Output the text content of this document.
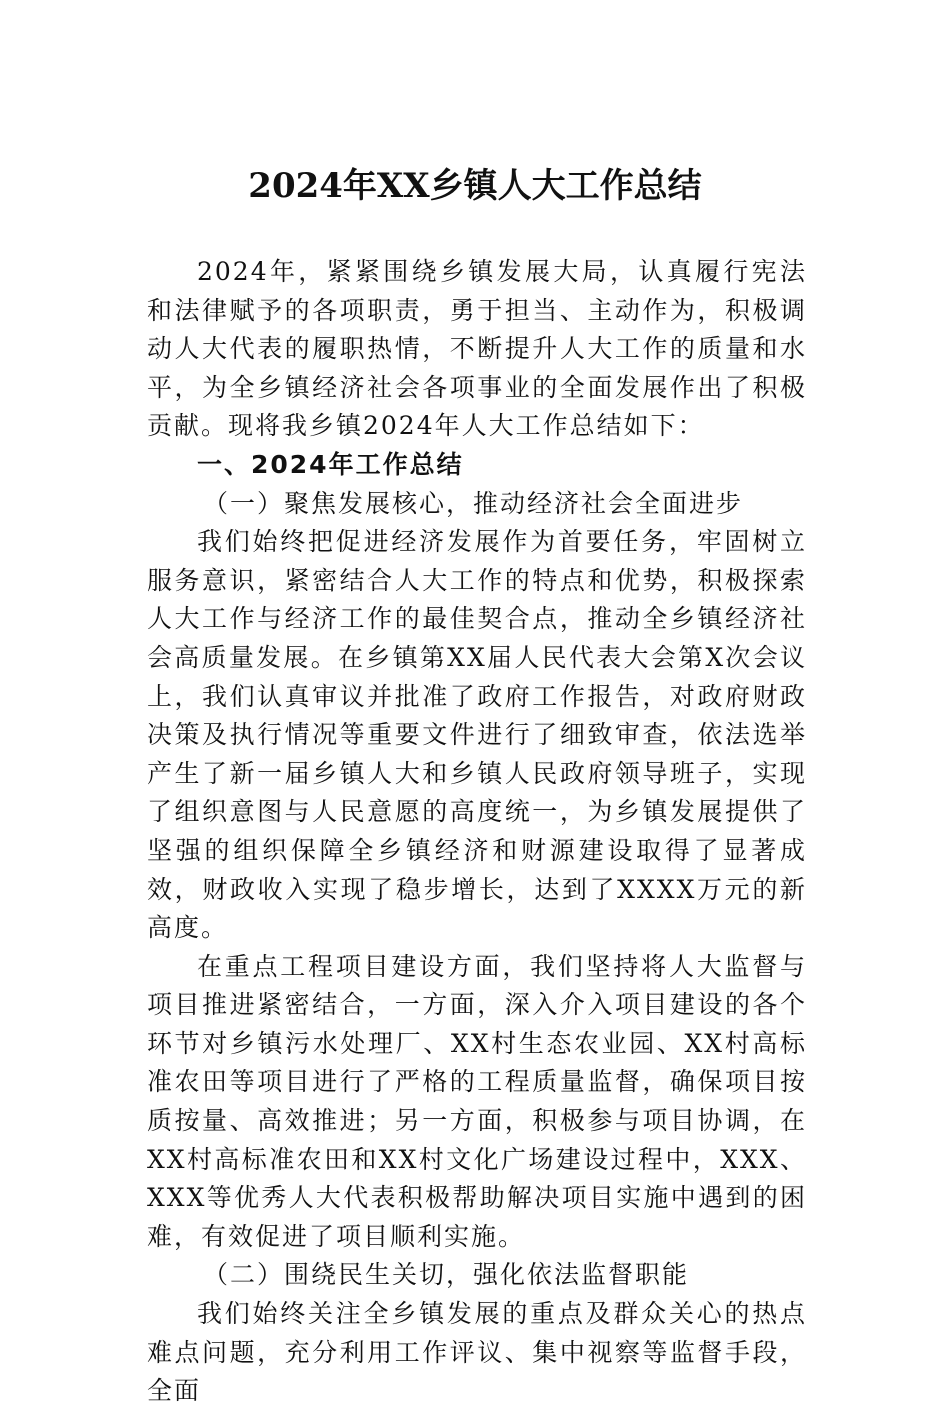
2024年XX乡镇人大工作总结

2024年，紧紧围绕乡镇发展大局，认真履行宪法和法律赋予的各项职责，勇于担当、主动作为，积极调动人大代表的履职热情，不断提升人大工作的质量和水平，为全乡镇经济社会各项事业的全面发展作出了积极贡献。现将我乡镇2024年人大工作总结如下：

一、2024年工作总结

（一）聚焦发展核心，推动经济社会全面进步

我们始终把促进经济发展作为首要任务，牢固树立服务意识，紧密结合人大工作的特点和优势，积极探索人大工作与经济工作的最佳契合点，推动全乡镇经济社会高质量发展。在乡镇第XX届人民代表大会第X次会议上，我们认真审议并批准了政府工作报告，对政府财政决策及执行情况等重要文件进行了细致审查，依法选举产生了新一届乡镇人大和乡镇人民政府领导班子，实现了组织意图与人民意愿的高度统一，为乡镇发展提供了坚强的组织保障全乡镇经济和财源建设取得了显著成效，财政收入实现了稳步增长，达到了XXXX万元的新高度。

在重点工程项目建设方面，我们坚持将人大监督与项目推进紧密结合，一方面，深入介入项目建设的各个环节对乡镇污水处理厂、XX村生态农业园、XX村高标准农田等项目进行了严格的工程质量监督，确保项目按质按量、高效推进；另一方面，积极参与项目协调，在XX村高标准农田和XX村文化广场建设过程中，XXX、XXX等优秀人大代表积极帮助解决项目实施中遇到的困难，有效促进了项目顺利实施。

（二）围绕民生关切，强化依法监督职能

我们始终关注全乡镇发展的重点及群众关心的热点难点问题，充分利用工作评议、集中视察等监督手段，全面
